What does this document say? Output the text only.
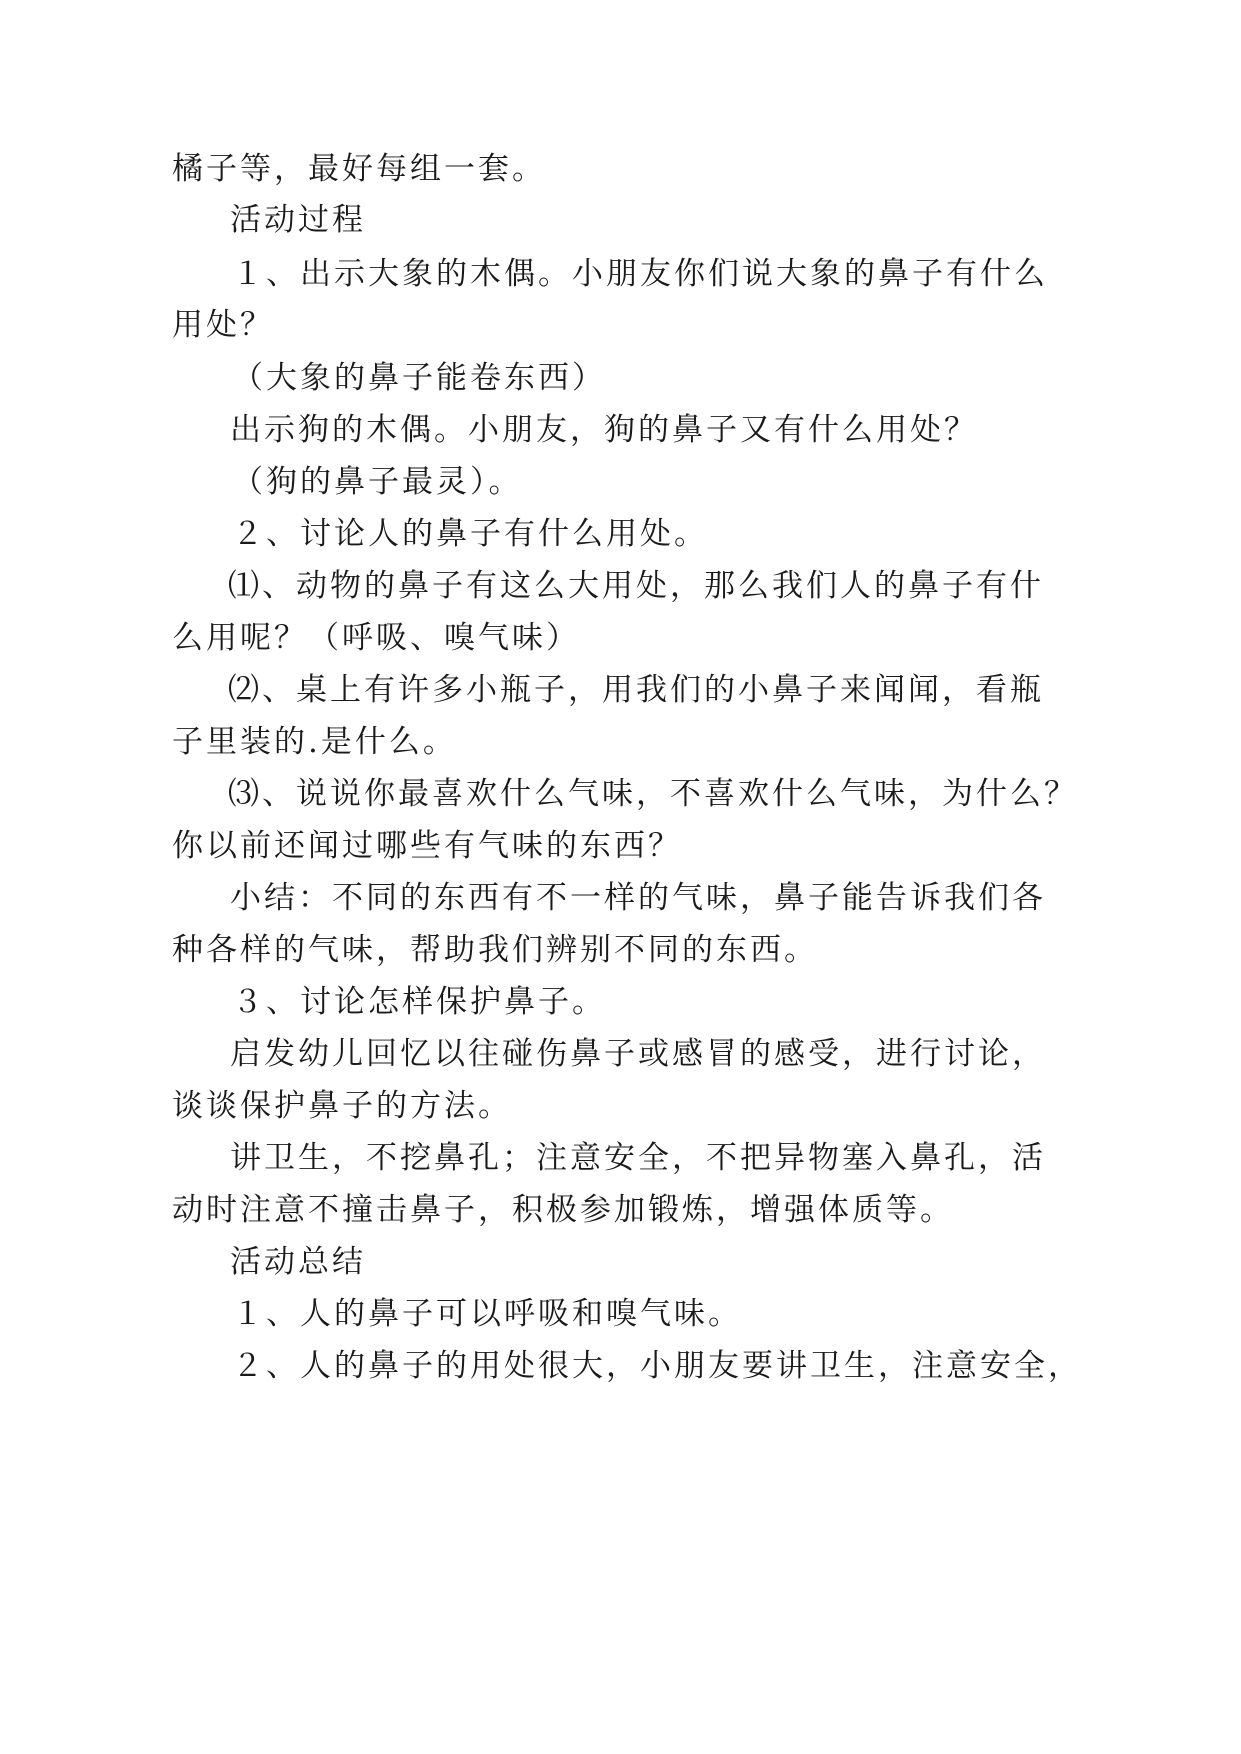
橘子等，最好每组一套。
活动过程
１、出示大象的木偶。小朋友你们说大象的鼻子有什么
用处？
（大象的鼻子能卷东西）
出示狗的木偶。小朋友，狗的鼻子又有什么用处？
（狗的鼻子最灵）。
２、讨论人的鼻子有什么用处。
⑴、动物的鼻子有这么大用处，那么我们人的鼻子有什
么用呢？（呼吸、嗅气味）
⑵、桌上有许多小瓶子，用我们的小鼻子来闻闻，看瓶
子里装的.是什么。
⑶、说说你最喜欢什么气味，不喜欢什么气味，为什么？
你以前还闻过哪些有气味的东西？
小结：不同的东西有不一样的气味，鼻子能告诉我们各
种各样的气味，帮助我们辨别不同的东西。
３、讨论怎样保护鼻子。
启发幼儿回忆以往碰伤鼻子或感冒的感受，进行讨论，
谈谈保护鼻子的方法。
讲卫生，不挖鼻孔；注意安全，不把异物塞入鼻孔，活
动时注意不撞击鼻子，积极参加锻炼，增强体质等。
活动总结
１、人的鼻子可以呼吸和嗅气味。
２、人的鼻子的用处很大，小朋友要讲卫生，注意安全，
